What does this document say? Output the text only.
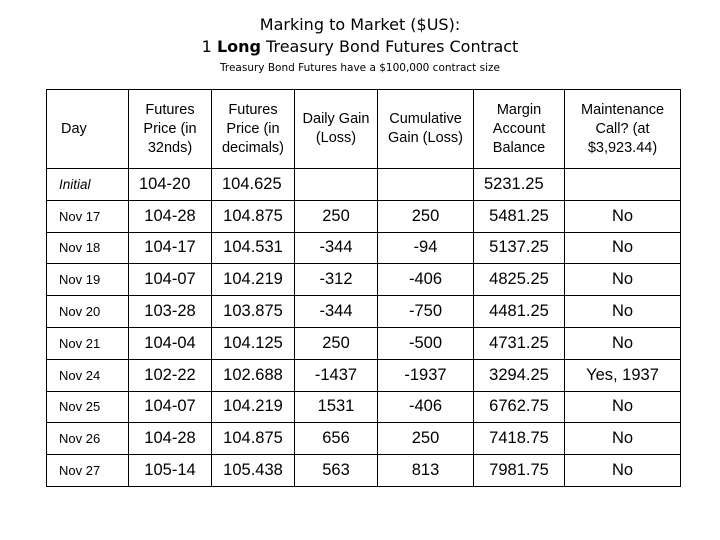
Marking to Market ($US):
1 Long Treasury Bond Futures Contract
Treasury Bond Futures have a $100,000 contract size
Day	Futures Price (in 32nds)	Futures Price (in decimals)	Daily Gain (Loss)	Cumulative Gain (Loss)	Margin Account Balance	Maintenance Call? (at $3,923.44)
Initial	104-20	104.625			5231.25	
Nov 17	104-28	104.875	250	250	5481.25	No
Nov 18	104-17	104.531	-344	-94	5137.25	No
Nov 19	104-07	104.219	-312	-406	4825.25	No
Nov 20	103-28	103.875	-344	-750	4481.25	No
Nov 21	104-04	104.125	250	-500	4731.25	No
Nov 24	102-22	102.688	-1437	-1937	3294.25	Yes, 1937
Nov 25	104-07	104.219	1531	-406	6762.75	No
Nov 26	104-28	104.875	656	250	7418.75	No
Nov 27	105-14	105.438	563	813	7981.75	No
